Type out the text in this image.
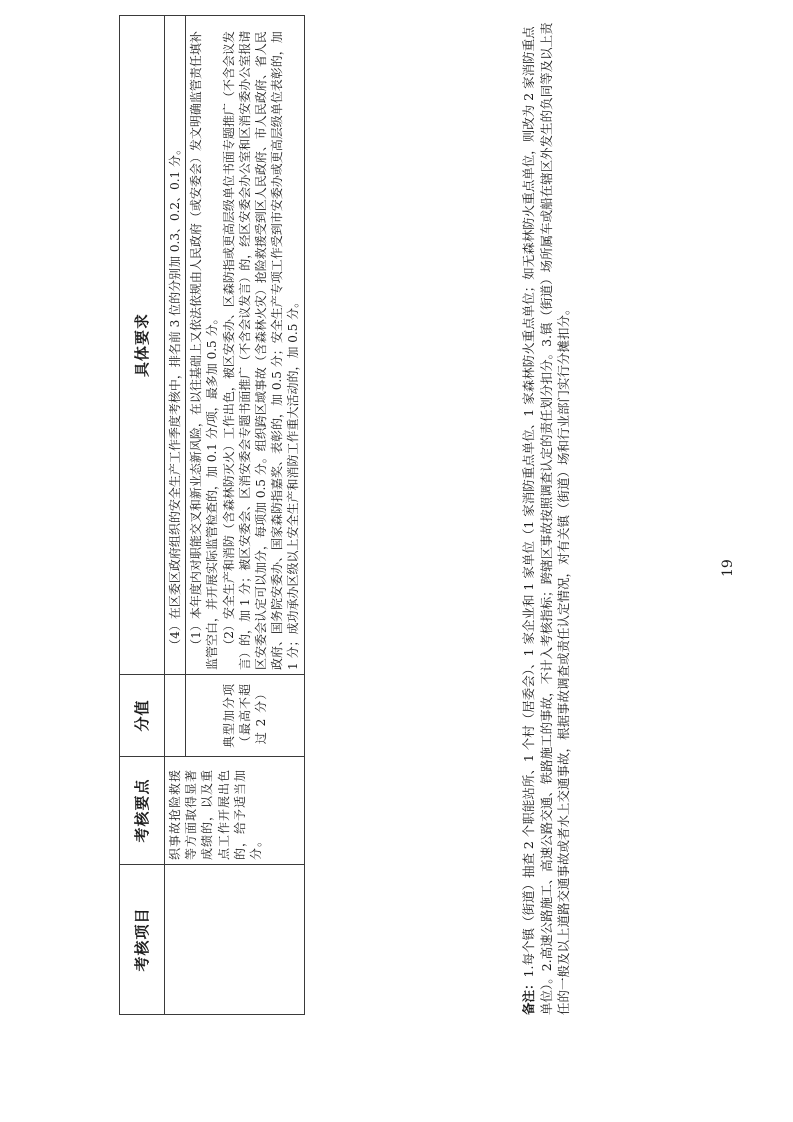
考核项目	考核要点	分值	具体要求
	织事故抢险救援等方面取得显著成绩的，以及重点工作开展出色的，给予适当加分。		（4）在区委区政府组织的安全生产工作季度考核中，排名前 3 位的分别加 0.3、0.2、0.1 分。

		典型加分项（最高不超过 2 分）	（1）本年度内对职能交叉和新业态新风险，在以往基础上又依法依规由人民政府（或安委会）发文明确监管责任填补监管空白，并开展实际监管检查的，加 0.1 分/项，最多加 0.5 分。 （2）安全生产和消防（含森林防灭火）工作出色，被区安委办、区森防指或更高层级单位书面专题推广（不含会议发言）的，加 1 分；被区安委会、区消安委会专题书面推广（不含会议发言）的，经区安委会办公室和区消安委办公室报请区安委会认定可以加分，每项加 0.5 分。组织跨区域事故（含森林火灾）抢险救援受到区人民政府、市人民政府、省人民政府、国务院安委办、国家森防指嘉奖、表彰的，加 0.5 分；安全生产专项工作受到市安委办或更高层级单位表彰的，加 1 分；成功承办区级以上安全生产和消防工作重大活动的，加 0.5 分。

备注：1.每个镇（街道）抽查 2 个职能站所、1 个村（居委会）、1 家企业和 1 家单位（1 家消防重点单位、1 家森林防火重点单位；如无森林防火重点单位，则改为 2 家消防重点单位）。2.高速公路施工、高速公路交通、铁路施工的事故，不计入考核指标；跨辖区事故按照调查认定的责任划分扣分。3.镇（街道）场所属车或船在辖区外发生的负同等及以上责任的一般及以上道路交通事故或者水上交通事故，根据事故调查或责任认定情况，对有关镇（街道）场和行业部门实行分摊扣分。	19
